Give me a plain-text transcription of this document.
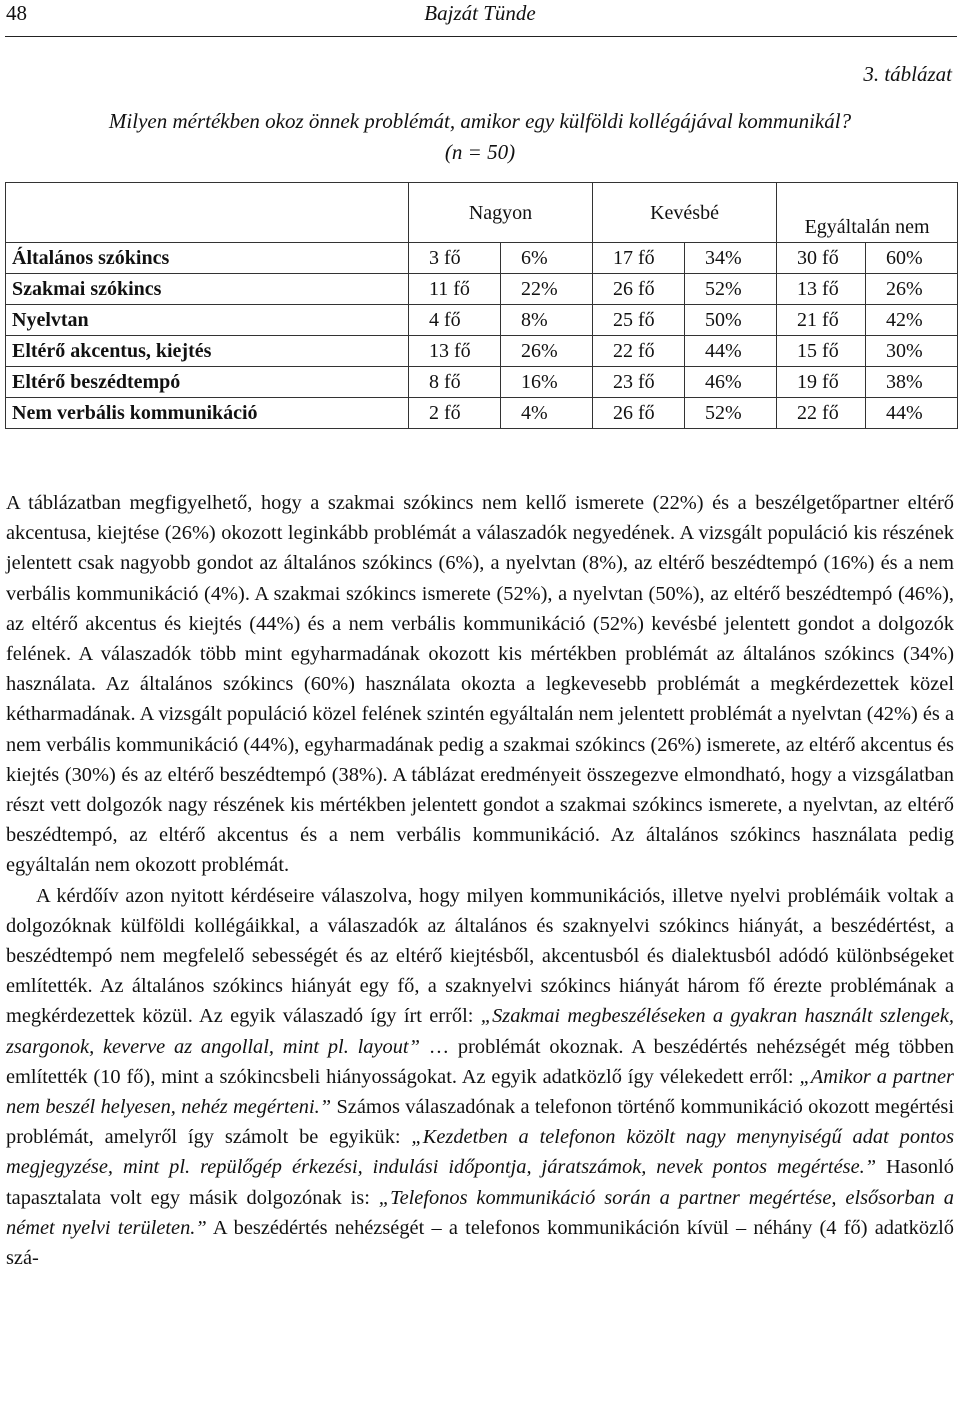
48	Bajzát Tünde
3. táblázat
Milyen mértékben okoz önnek problémát, amikor egy külföldi kollégájával kommunikál?
(n = 50)
	Nagyon		Kevésbé		Egyáltalán nem	
Általános szókincs	3 fő	6%	17 fő	34%	30 fő	60%
Szakmai szókincs	11 fő	22%	26 fő	52%	13 fő	26%
Nyelvtan	4 fő	8%	25 fő	50%	21 fő	42%
Eltérő akcentus, kiejtés	13 fő	26%	22 fő	44%	15 fő	30%
Eltérő beszédtempó	8 fő	16%	23 fő	46%	19 fő	38%
Nem verbális kommunikáció	2 fő	4%	26 fő	52%	22 fő	44%

A táblázatban megfigyelhető, hogy a szakmai szókincs nem kellő ismerete (22%) és a beszélgetőpartner eltérő akcentusa, kiejtése (26%) okozott leginkább problémát a válaszadók negyedének. A vizsgált populáció kis részének jelentett csak nagyobb gondot az általános szókincs (6%), a nyelvtan (8%), az eltérő beszédtempó (16%) és a nem verbális kommunikáció (4%). A szakmai szókincs ismerete (52%), a nyelvtan (50%), az eltérő beszédtempó (46%), az eltérő akcentus és kiejtés (44%) és a nem verbális kommunikáció (52%) kevésbé jelentett gondot a dolgozók felének. A válaszadók több mint egyharmadának okozott kis mértékben problémát az általános szókincs (34%) használata. Az általános szókincs (60%) használata okozta a legkevesebb problémát a megkérdezettek közel kétharmadának. A vizsgált populáció közel felének szintén egyáltalán nem jelentett problémát a nyelvtan (42%) és a nem verbális kommunikáció (44%), egyharmadának pedig a szakmai szókincs (26%) ismerete, az eltérő akcentus és kiejtés (30%) és az eltérő beszédtempó (38%). A táblázat eredményeit összegezve elmondható, hogy a vizsgálatban részt vett dolgozók nagy részének kis mértékben jelentett gondot a szakmai szókincs ismerete, a nyelvtan, az eltérő beszédtempó, az eltérő akcentus és a nem verbális kommunikáció. Az általános szókincs használata pedig egyáltalán nem okozott problémát.

A kérdőív azon nyitott kérdéseire válaszolva, hogy milyen kommunikációs, illetve nyelvi problémáik voltak a dolgozóknak külföldi kollégáikkal, a válaszadók az általános és szaknyelvi szókincs hiányát, a beszédértést, a beszédtempó nem megfelelő sebességét és az eltérő kiejtésből, akcentusból és dialektusból adódó különbségeket említették. Az általános szókincs hiányát egy fő, a szaknyelvi szókincs hiányát három fő érezte problémának a megkérdezettek közül. Az egyik válaszadó így írt erről: „Szakmai megbeszéléseken a gyakran használt szlengek, zsargonok, keverve az angollal, mint pl. layout” … problémát okoznak. A beszédértés nehézségét még többen említették (10 fő), mint a szókincsbeli hiányosságokat. Az egyik adatközlő így vélekedett erről: „Amikor a partner nem beszél helyesen, nehéz megérteni.” Számos válaszadónak a telefonon történő kommunikáció okozott megértési problémát, amelyről így számolt be egyikük: „Kezdetben a telefonon közölt nagy menynyiségű adat pontos megjegyzése, mint pl. repülőgép érkezési, indulási időpontja, járatszámok, nevek pontos megértése.” Hasonló tapasztalata volt egy másik dolgozónak is: „Telefonos kommunikáció során a partner megértése, elsősorban a német nyelvi területen.” A beszédértés nehézségét – a telefonos kommunikáción kívül – néhány (4 fő) adatközlő szá-
